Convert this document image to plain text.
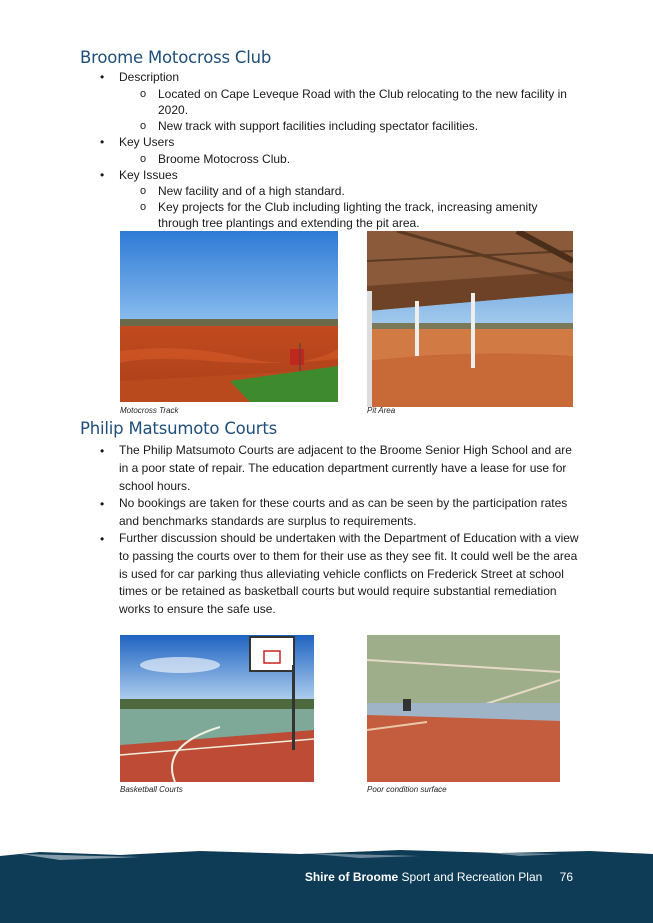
Broome Motocross Club
• Description
o Located on Cape Leveque Road with the Club relocating to the new facility in
2020.
o New track with support facilities including spectator facilities.
• Key Users
o Broome Motocross Club.
• Key Issues
o New facility and of a high standard.
o Key projects for the Club including lighting the track, increasing amenity
through tree plantings and extending the pit area.
Motocross Track	Pit Area
Philip Matsumoto Courts
• The Philip Matsumoto Courts are adjacent to the Broome Senior High School and are in a poor state of repair. The education department currently have a lease for use for school hours.
• No bookings are taken for these courts and as can be seen by the participation rates and benchmarks standards are surplus to requirements.
• Further discussion should be undertaken with the Department of Education with a view to passing the courts over to them for their use as they see fit. It could well be the area is used for car parking thus alleviating vehicle conflicts on Frederick Street at school times or be retained as basketball courts but would require substantial remediation works to ensure the safe use.
Basketball Courts	Poor condition surface
Shire of Broome Sport and Recreation Plan 76
